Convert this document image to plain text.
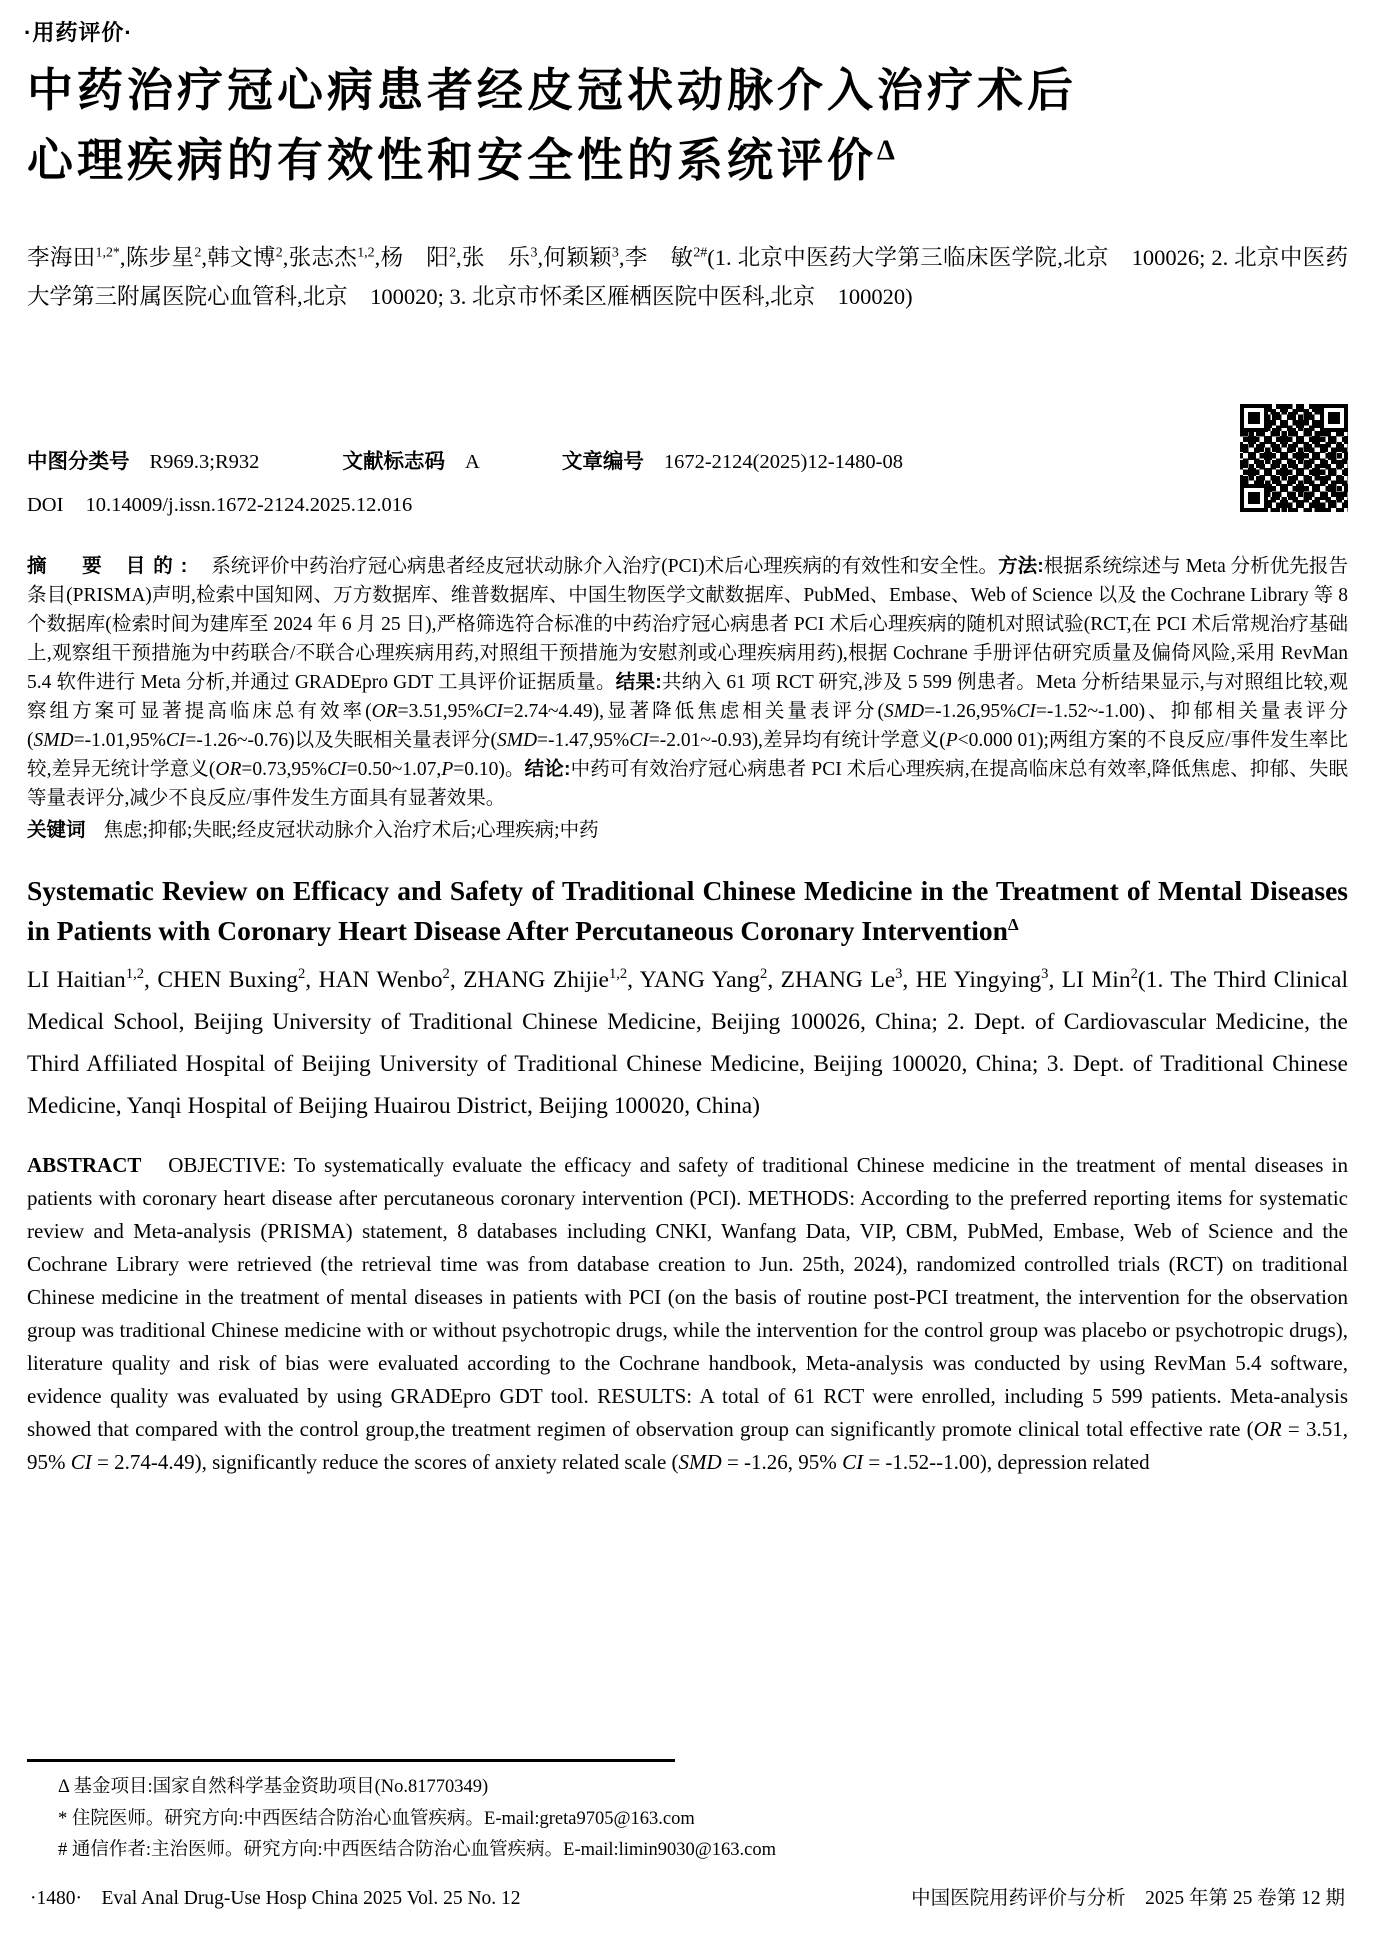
·用药评价·
中药治疗冠心病患者经皮冠状动脉介入治疗术后
心理疾病的有效性和安全性的系统评价$^\Delta$

李海田$^{1,2*}$,陈步星$^2$,韩文博$^2$,张志杰$^{1,2}$,杨　阳$^2$,张　乐$^3$,何颖颖$^3$,李　敏$^{2\#}$(1. 北京中医药大学第三临床医学院,北京　100026; 2. 北京中医药大学第三附属医院心血管科,北京　100020; 3. 北京市怀柔区雁栖医院中医科,北京　100020)

中图分类号 R969.3;R932	文献标志码 A	文章编号 1672-2124(2025)12-1480-08
DOI 10.14009/j.issn.1672-2124.2025.12.016

摘　要 目的: 系统评价中药治疗冠心病患者经皮冠状动脉介入治疗(PCI)术后心理疾病的有效性和安全性。方法:根据系统综述与 Meta 分析优先报告条目(PRISMA)声明,检索中国知网、万方数据库、维普数据库、中国生物医学文献数据库、PubMed、Embase、Web of Science 以及 the Cochrane Library 等 8 个数据库(检索时间为建库至 2024 年 6 月 25 日),严格筛选符合标准的中药治疗冠心病患者 PCI 术后心理疾病的随机对照试验(RCT,在 PCI 术后常规治疗基础上,观察组干预措施为中药联合/不联合心理疾病用药,对照组干预措施为安慰剂或心理疾病用药),根据 Cochrane 手册评估研究质量及偏倚风险,采用 RevMan 5.4 软件进行 Meta 分析,并通过 GRADEpro GDT 工具评价证据质量。结果:共纳入 61 项 RCT 研究,涉及 5 599 例患者。Meta 分析结果显示,与对照组比较,观察组方案可显著提高临床总有效率(OR=3.51,95%CI=2.74~4.49),显著降低焦虑相关量表评分(SMD=-1.26,95%CI=-1.52~-1.00)、抑郁相关量表评分(SMD=-1.01,95%CI=-1.26~-0.76)以及失眠相关量表评分(SMD=-1.47,95%CI=-2.01~-0.93),差异均有统计学意义(P<0.000 01);两组方案的不良反应/事件发生率比较,差异无统计学意义(OR=0.73,95%CI=0.50~1.07,P=0.10)。结论:中药可有效治疗冠心病患者 PCI 术后心理疾病,在提高临床总有效率,降低焦虑、抑郁、失眠等量表评分,减少不良反应/事件发生方面具有显著效果。

关键词 焦虑;抑郁;失眠;经皮冠状动脉介入治疗术后;心理疾病;中药

Systematic Review on Efficacy and Safety of Traditional Chinese Medicine in the Treatment of Mental Diseases in Patients with Coronary Heart Disease After Percutaneous Coronary Intervention$^\Delta$

LI Haitian$^{1,2}$, CHEN Buxing$^2$, HAN Wenbo$^2$, ZHANG Zhijie$^{1,2}$, YANG Yang$^2$, ZHANG Le$^3$, HE Yingying$^3$, LI Min$^2$(1. The Third Clinical Medical School, Beijing University of Traditional Chinese Medicine, Beijing 100026, China; 2. Dept. of Cardiovascular Medicine, the Third Affiliated Hospital of Beijing University of Traditional Chinese Medicine, Beijing 100020, China; 3. Dept. of Traditional Chinese Medicine, Yanqi Hospital of Beijing Huairou District, Beijing 100020, China)

ABSTRACT　OBJECTIVE: To systematically evaluate the efficacy and safety of traditional Chinese medicine in the treatment of mental diseases in patients with coronary heart disease after percutaneous coronary intervention (PCI). METHODS: According to the preferred reporting items for systematic review and Meta-analysis (PRISMA) statement, 8 databases including CNKI, Wanfang Data, VIP, CBM, PubMed, Embase, Web of Science and the Cochrane Library were retrieved (the retrieval time was from database creation to Jun. 25th, 2024), randomized controlled trials (RCT) on traditional Chinese medicine in the treatment of mental diseases in patients with PCI (on the basis of routine post-PCI treatment, the intervention for the observation group was traditional Chinese medicine with or without psychotropic drugs, while the intervention for the control group was placebo or psychotropic drugs), literature quality and risk of bias were evaluated according to the Cochrane handbook, Meta-analysis was conducted by using RevMan 5.4 software, evidence quality was evaluated by using GRADEpro GDT tool. RESULTS: A total of 61 RCT were enrolled, including 5 599 patients. Meta-analysis showed that compared with the control group,the treatment regimen of observation group can significantly promote clinical total effective rate (OR = 3.51, 95% CI = 2.74-4.49), significantly reduce the scores of anxiety related scale (SMD = -1.26, 95% CI = -1.52--1.00), depression related

Δ 基金项目:国家自然科学基金资助项目(No.81770349)
* 住院医师。研究方向:中西医结合防治心血管疾病。E-mail:greta9705@163.com
# 通信作者:主治医师。研究方向:中西医结合防治心血管疾病。E-mail:limin9030@163.com
·1480·　Eval Anal Drug-Use Hosp China 2025 Vol. 25 No. 12	中国医院用药评价与分析　2025 年第 25 卷第 12 期
